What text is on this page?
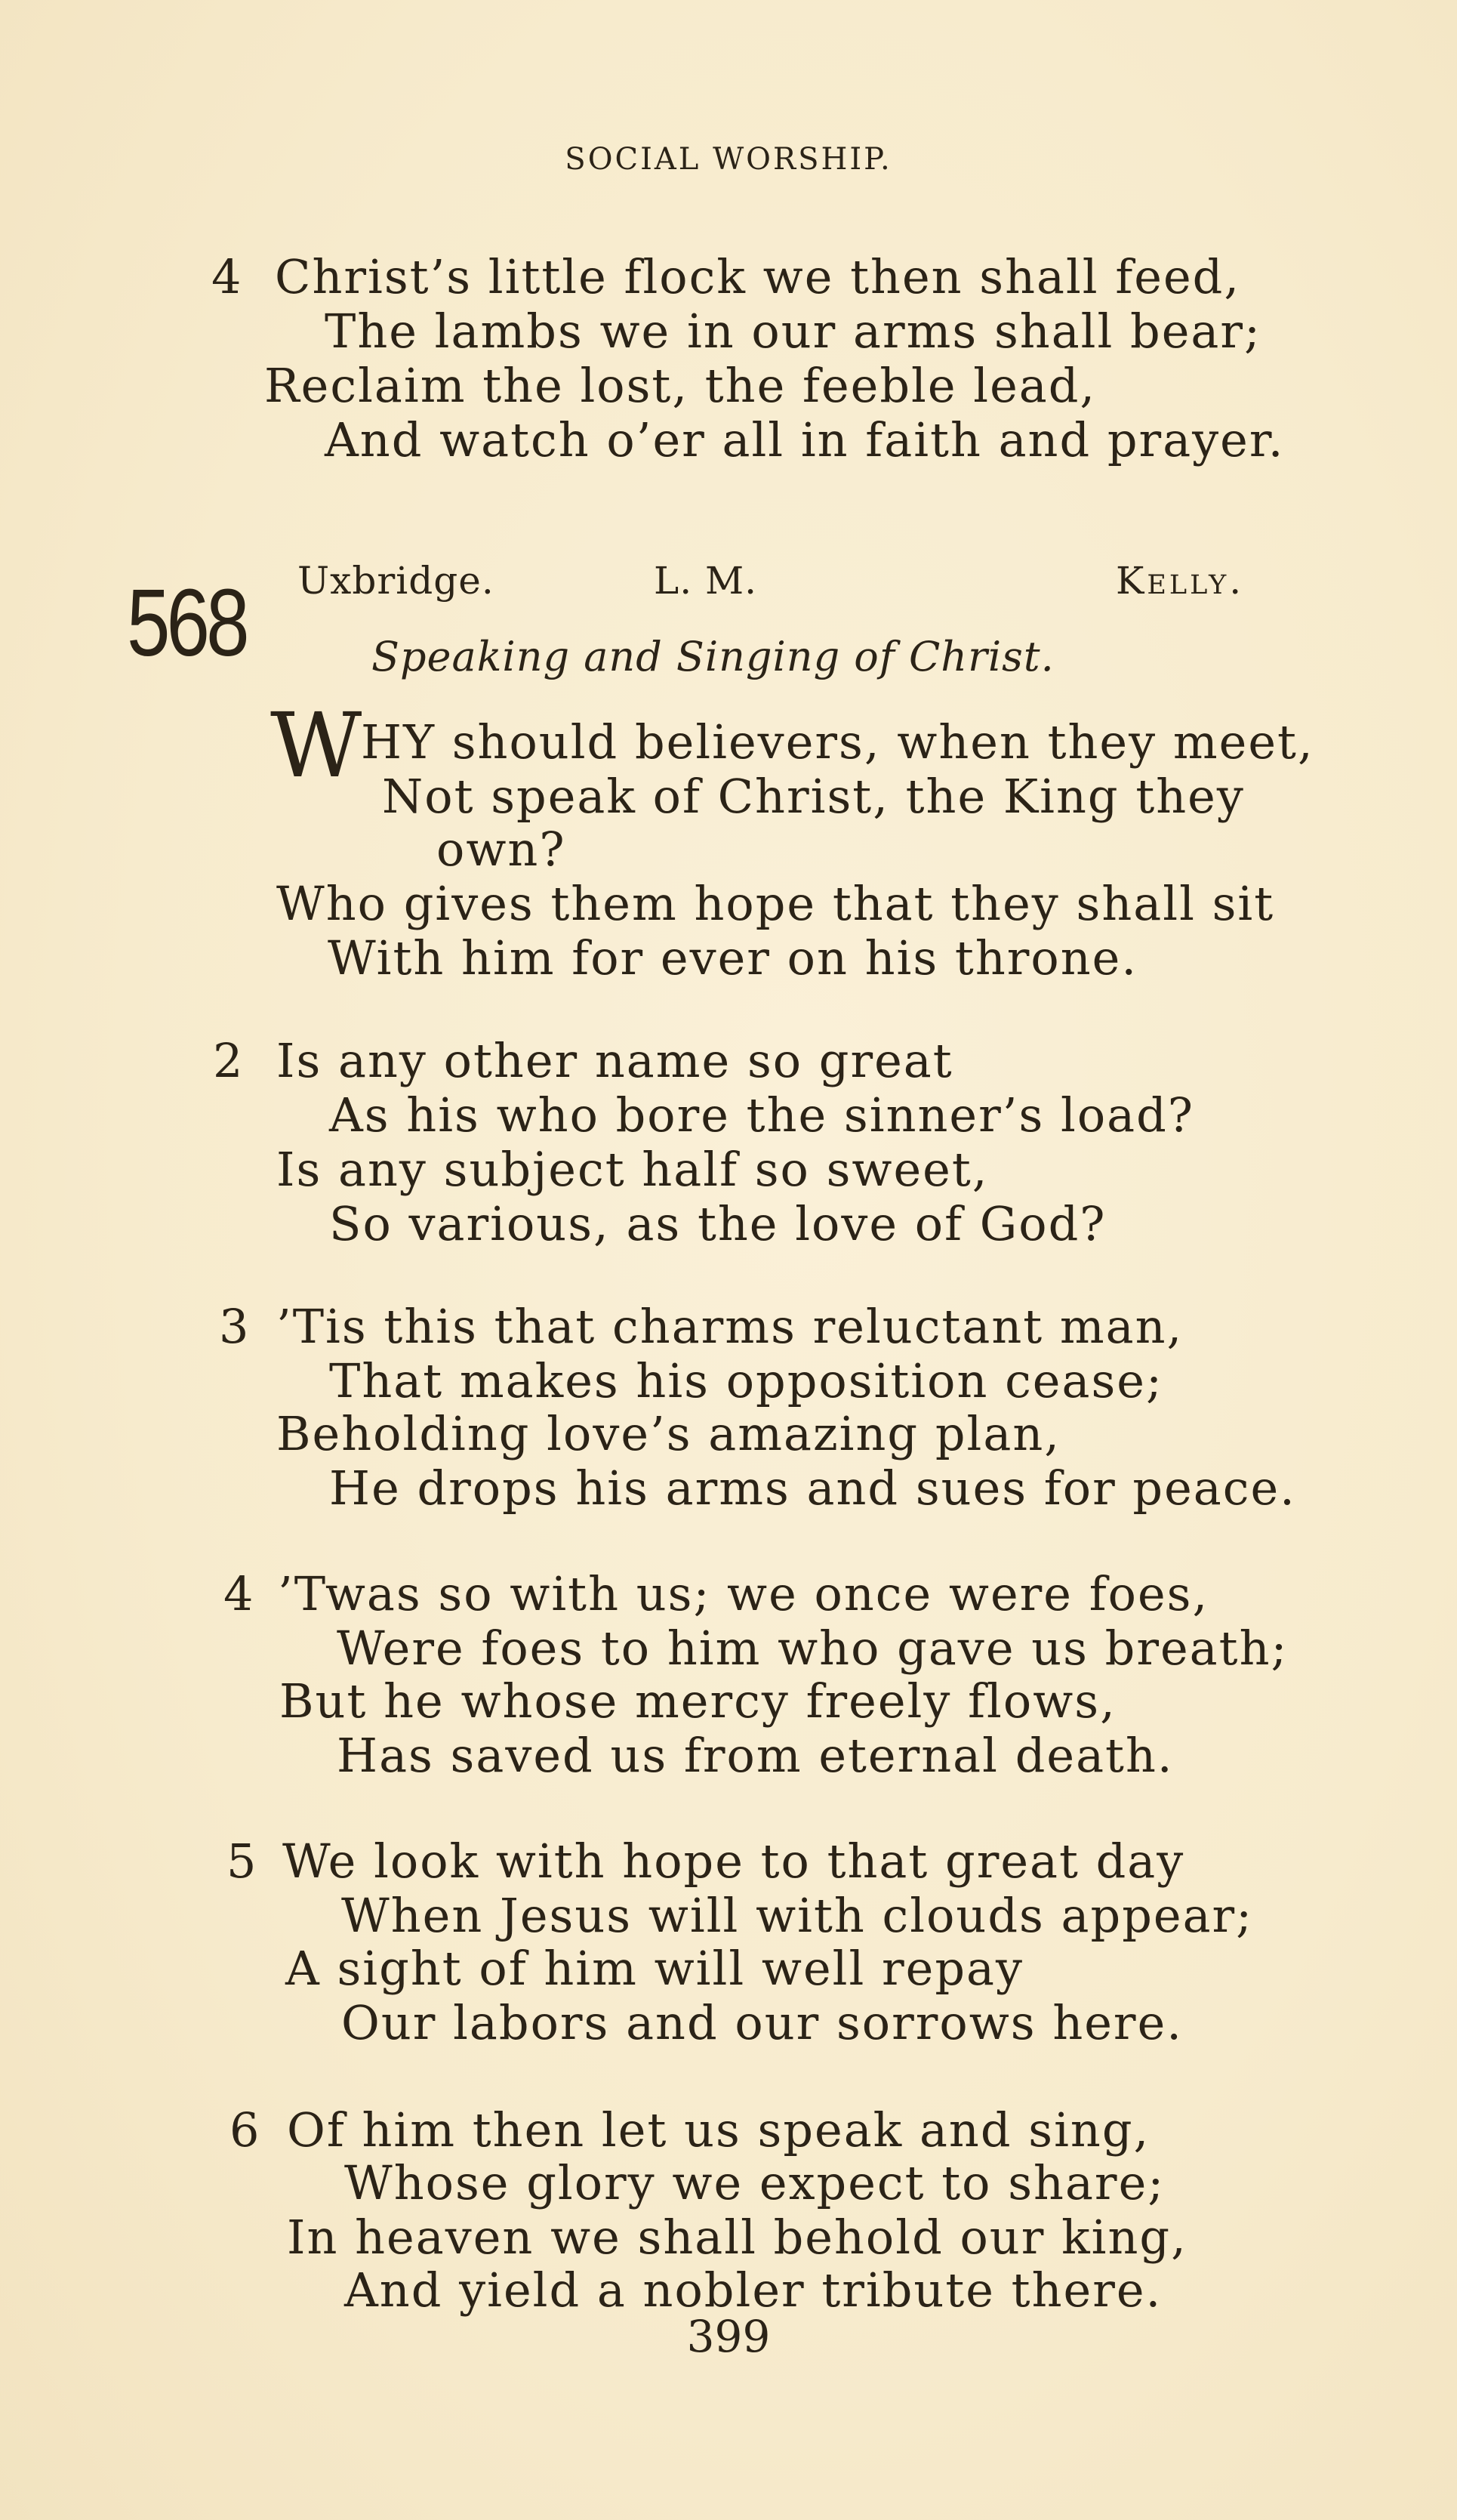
SOCIAL WORSHIP.
4 Christ’s little flock we then shall feed,
The lambs we in our arms shall bear;
Reclaim the lost, the feeble lead,
And watch o’er all in faith and prayer.
568 Uxbridge.	L. M.	Kelly.
Speaking and Singing of Christ.
W
HY should believers, when they meet,
Not speak of Christ, the King they
own?
Who gives them hope that they shall sit
With him for ever on his throne.
2 Is any other name so great
As his who bore the sinner’s load?
Is any subject half so sweet,
So various, as the love of God?
3 ’Tis this that charms reluctant man,
That makes his opposition cease;
Beholding love’s amazing plan,
He drops his arms and sues for peace.
4 ’Twas so with us; we once were foes,
Were foes to him who gave us breath;
But he whose mercy freely flows,
Has saved us from eternal death.
5 We look with hope to that great day
When Jesus will with clouds appear;
A sight of him will well repay
Our labors and our sorrows here.
6 Of him then let us speak and sing,
Whose glory we expect to share;
In heaven we shall behold our king,
And yield a nobler tribute there.
399
